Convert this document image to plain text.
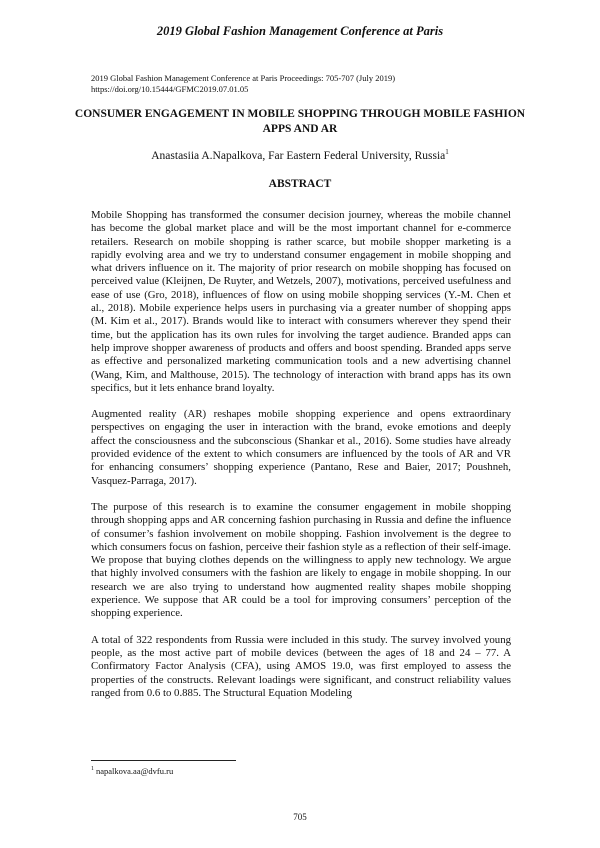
2019 Global Fashion Management Conference at Paris
2019 Global Fashion Management Conference at Paris Proceedings: 705-707 (July 2019)
https://doi.org/10.15444/GFMC2019.07.01.05
CONSUMER ENGAGEMENT IN MOBILE SHOPPING THROUGH MOBILE FASHION APPS AND AR
Anastasiia A.Napalkova, Far Eastern Federal University, Russia$^1$
ABSTRACT

Mobile Shopping has transformed the consumer decision journey, whereas the mobile channel has become the global market place and will be the most important channel for e-commerce retailers. Research on mobile shopping is rather scarce, but mobile shopper marketing is a rapidly evolving area and we try to understand consumer engagement in mobile shopping and what drivers influence on it. The majority of prior research on mobile shopping has focused on perceived value (Kleijnen, De Ruyter, and Wetzels, 2007), motivations, perceived usefulness and ease of use (Gro, 2018), influences of flow on using mobile shopping services (Y.-M. Chen et al., 2018). Mobile experience helps users in purchasing via a greater number of shopping apps (M. Kim et al., 2017). Brands would like to interact with consumers wherever they spend their time, but the application has its own rules for involving the target audience. Branded apps can help improve shopper awareness of products and offers and boost spending. Branded apps serve as effective and personalized marketing communication tools and a new advertising channel (Wang, Kim, and Malthouse, 2015). The technology of interaction with brand apps has its own specifics, but it lets enhance brand loyalty.

Augmented reality (AR) reshapes mobile shopping experience and opens extraordinary perspectives on engaging the user in interaction with the brand, evoke emotions and deeply affect the consciousness and the subconscious (Shankar et al., 2016). Some studies have already provided evidence of the extent to which consumers are influenced by the tools of AR and VR for enhancing consumers’ shopping experience (Pantano, Rese and Baier, 2017; Poushneh, Vasquez-Parraga, 2017).

The purpose of this research is to examine the consumer engagement in mobile shopping through shopping apps and AR concerning fashion purchasing in Russia and define the influence of consumer’s fashion involvement on mobile shopping. Fashion involvement is the degree to which consumers focus on fashion, perceive their fashion style as a reflection of their self-image. We propose that buying clothes depends on the willingness to apply new technology. We argue that highly involved consumers with the fashion are likely to engage in mobile shopping. In our research we are also trying to understand how augmented reality shapes mobile shopping experience. We suppose that AR could be a tool for improving consumers’ perception of the shopping experience.

A total of 322 respondents from Russia were included in this study. The survey involved young people, as the most active part of mobile devices (between the ages of 18 and 24 – 77. A Confirmatory Factor Analysis (CFA), using AMOS 19.0, was first employed to assess the properties of the constructs. Relevant loadings were significant, and construct reliability values ranged from 0.6 to 0.885. The Structural Equation Modeling

$^1$ napalkova.aa@dvfu.ru
705
